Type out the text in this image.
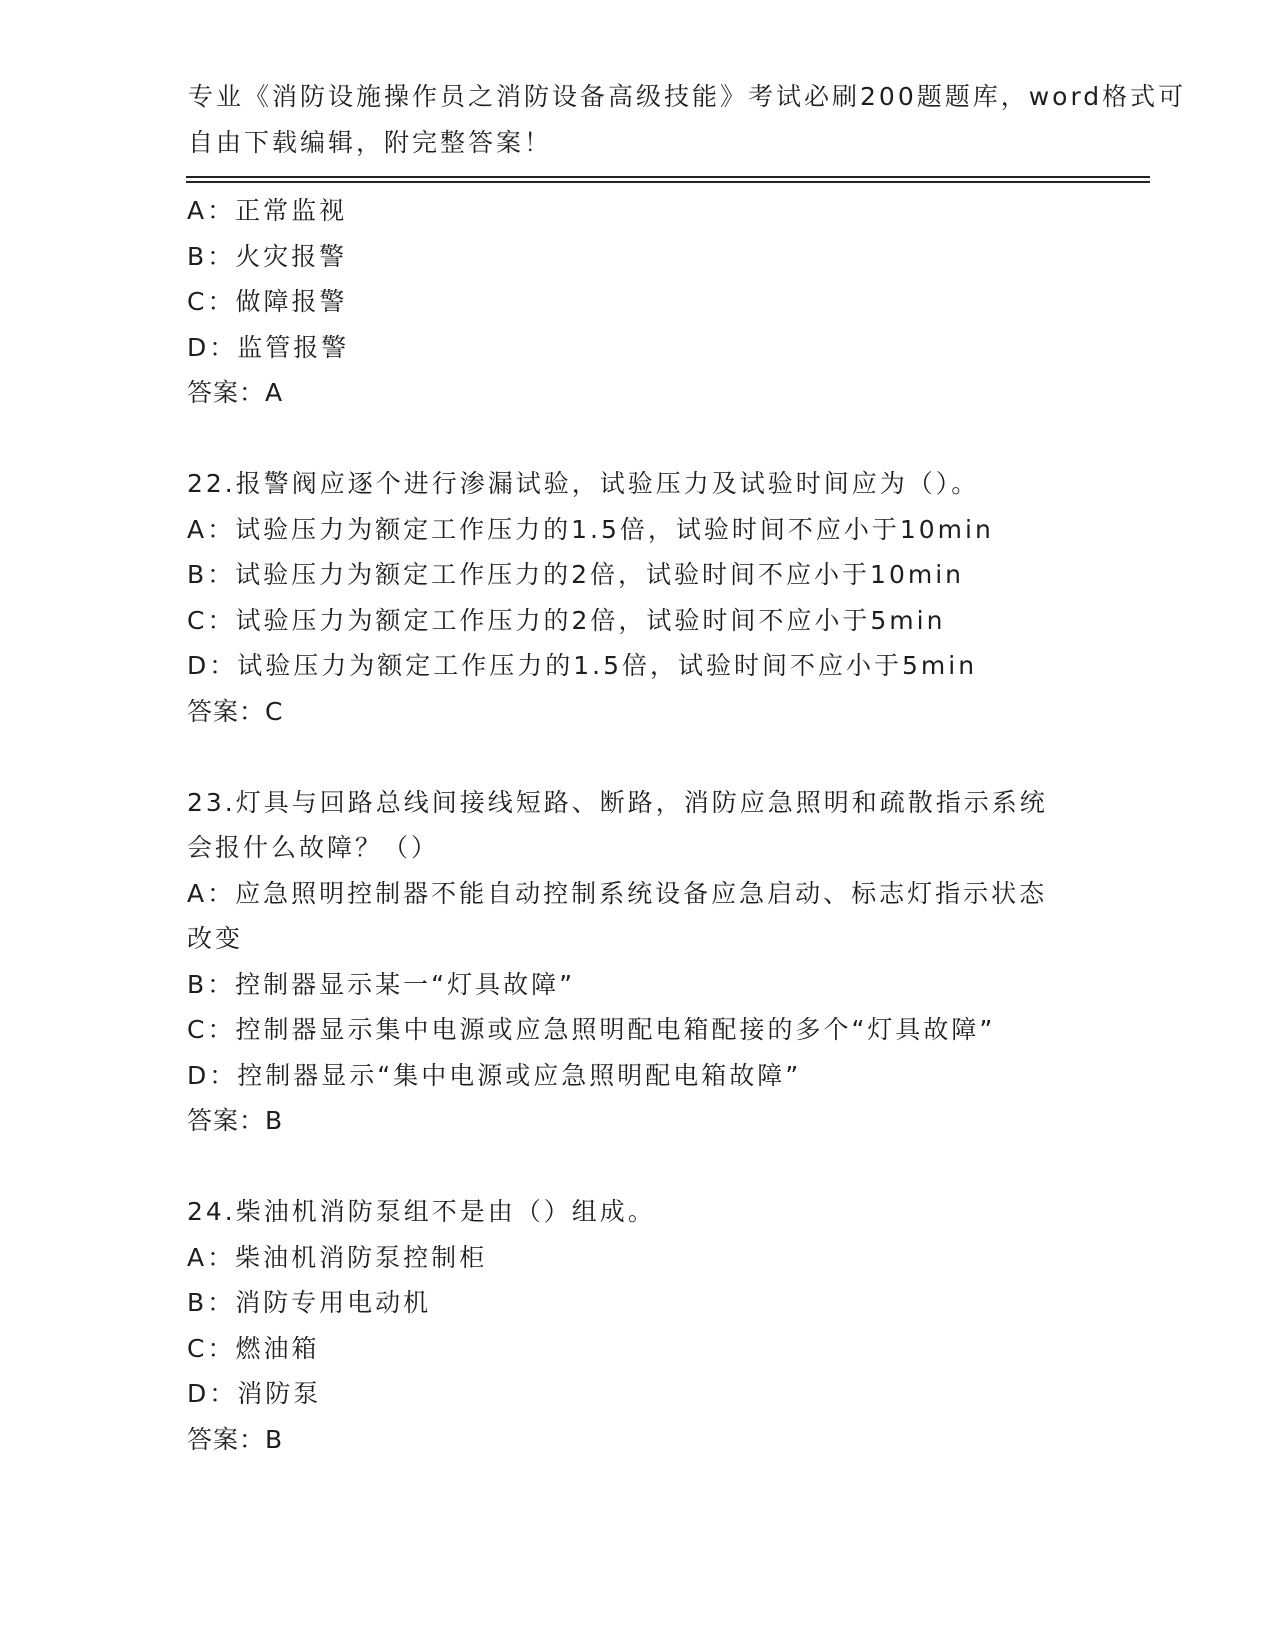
专业《消防设施操作员之消防设备高级技能》考试必刷200题题库，word格式可
自由下载编辑，附完整答案！
A：正常监视
B：火灾报警
C：做障报警
D：监管报警
答案：A
22.报警阀应逐个进行渗漏试验，试验压力及试验时间应为（）。
A：试验压力为额定工作压力的1.5倍，试验时间不应小于10min
B：试验压力为额定工作压力的2倍，试验时间不应小于10min
C：试验压力为额定工作压力的2倍，试验时间不应小于5min
D：试验压力为额定工作压力的1.5倍，试验时间不应小于5min
答案：C
23.灯具与回路总线间接线短路、断路，消防应急照明和疏散指示系统
会报什么故障？（）
A：应急照明控制器不能自动控制系统设备应急启动、标志灯指示状态
改变
B：控制器显示某一“灯具故障”
C：控制器显示集中电源或应急照明配电箱配接的多个“灯具故障”
D：控制器显示“集中电源或应急照明配电箱故障”
答案：B
24.柴油机消防泵组不是由（）组成。
A：柴油机消防泵控制柜
B：消防专用电动机
C：燃油箱
D：消防泵
答案：B
